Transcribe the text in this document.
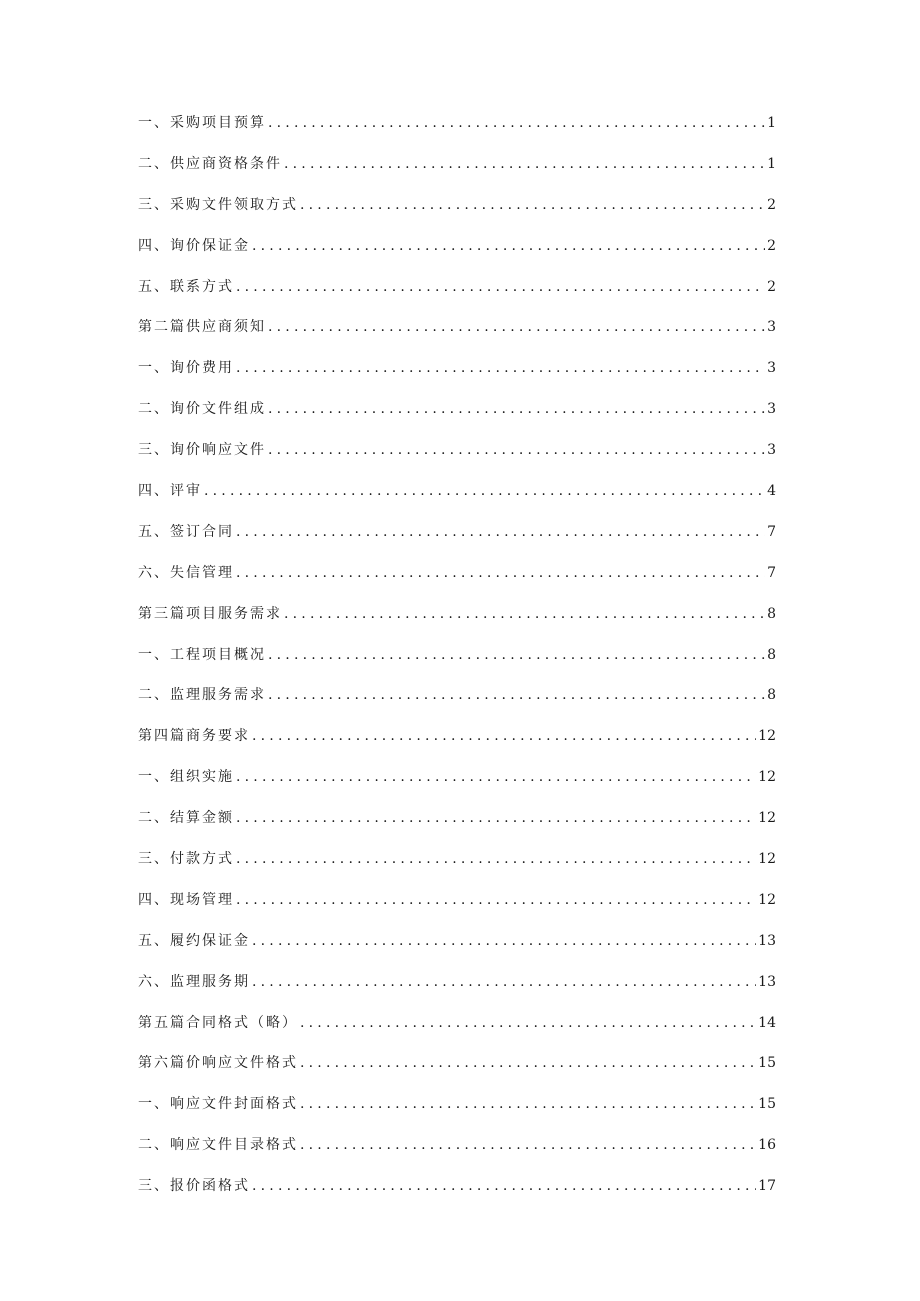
一、采购项目预算 .....	1
二、供应商资格条件 .....	1
三、采购文件领取方式 .....	2
四、询价保证金 .....	2
五、联系方式 .....	2
第二篇供应商须知 .....	3
一、询价费用 .....	3
二、询价文件组成 .....	3
三、询价响应文件 .....	3
四、评审 .....	4
五、签订合同 .....	7
六、失信管理 .....	7
第三篇项目服务需求 .....	8
一、工程项目概况 .....	8
二、监理服务需求 .....	8
第四篇商务要求 .....	12
一、组织实施 .....	12
二、结算金额 .....	12
三、付款方式 .....	12
四、现场管理 .....	12
五、履约保证金 .....	13
六、监理服务期 .....	13
第五篇合同格式（略） .....	14
第六篇价响应文件格式 .....	15
一、响应文件封面格式 .....	15
二、响应文件目录格式 .....	16
三、报价函格式 .....	17
